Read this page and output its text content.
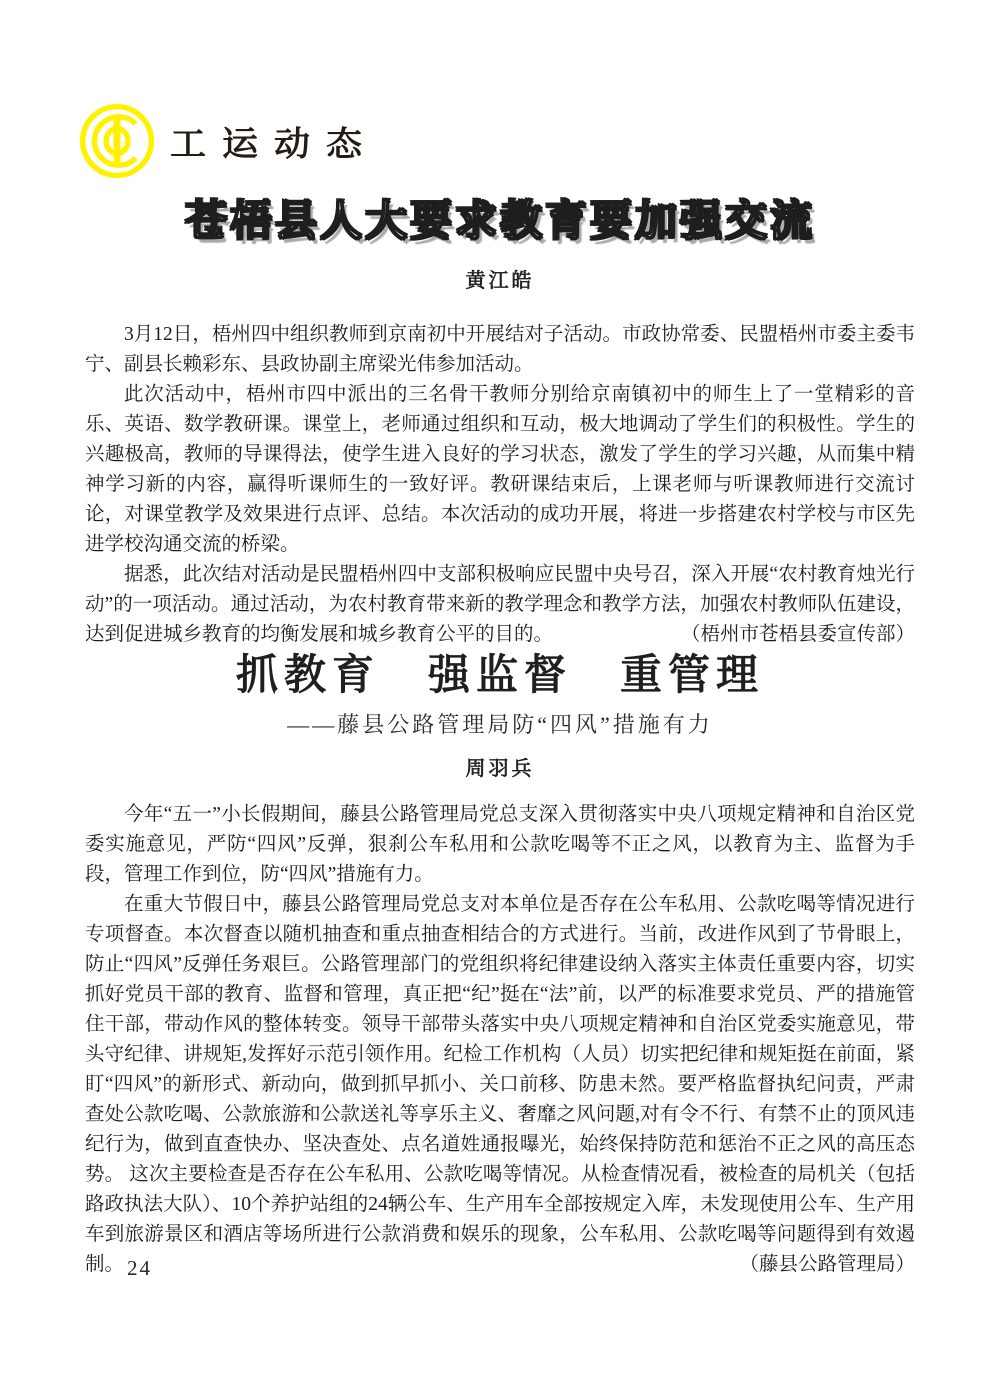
工运动态
苍梧县人大要求教育要加强交流
黄江皓

3月12日，梧州四中组织教师到京南初中开展结对子活动。市政协常委、民盟梧州市委主委韦宁、副县长赖彩东、县政协副主席梁光伟参加活动。

此次活动中，梧州市四中派出的三名骨干教师分别给京南镇初中的师生上了一堂精彩的音乐、英语、数学教研课。课堂上，老师通过组织和互动，极大地调动了学生们的积极性。学生的兴趣极高，教师的导课得法，使学生进入良好的学习状态，激发了学生的学习兴趣，从而集中精神学习新的内容，赢得听课师生的一致好评。教研课结束后，上课老师与听课教师进行交流讨论，对课堂教学及效果进行点评、总结。本次活动的成功开展，将进一步搭建农村学校与市区先进学校沟通交流的桥梁。

据悉，此次结对活动是民盟梧州四中支部积极响应民盟中央号召，深入开展“农村教育烛光行动”的一项活动。通过活动，为农村教育带来新的教学理念和教学方法，加强农村教师队伍建设，达到促进城乡教育的均衡发展和城乡教育公平的目的。	（梧州市苍梧县委宣传部）

抓教育　强监督　重管理
——藤县公路管理局防“四风”措施有力
周羽兵

今年“五一”小长假期间，藤县公路管理局党总支深入贯彻落实中央八项规定精神和自治区党委实施意见，严防“四风”反弹，狠刹公车私用和公款吃喝等不正之风，以教育为主、监督为手段，管理工作到位，防“四风”措施有力。

在重大节假日中，藤县公路管理局党总支对本单位是否存在公车私用、公款吃喝等情况进行专项督查。本次督查以随机抽查和重点抽查相结合的方式进行。当前，改进作风到了节骨眼上，防止“四风”反弹任务艰巨。公路管理部门的党组织将纪律建设纳入落实主体责任重要内容，切实抓好党员干部的教育、监督和管理，真正把“纪”挺在“法”前，以严的标准要求党员、严的措施管住干部，带动作风的整体转变。领导干部带头落实中央八项规定精神和自治区党委实施意见，带头守纪律、讲规矩,发挥好示范引领作用。纪检工作机构（人员）切实把纪律和规矩挺在前面，紧盯“四风”的新形式、新动向，做到抓早抓小、关口前移、防患未然。要严格监督执纪问责，严肃查处公款吃喝、公款旅游和公款送礼等享乐主义、奢靡之风问题,对有令不行、有禁不止的顶风违纪行为，做到直查快办、坚决查处、点名道姓通报曝光，始终保持防范和惩治不正之风的高压态势。 这次主要检查是否存在公车私用、公款吃喝等情况。从检查情况看，被检查的局机关（包括路政执法大队）、10个养护站组的24辆公车、生产用车全部按规定入库，未发现使用公车、生产用车到旅游景区和酒店等场所进行公款消费和娱乐的现象，公车私用、公款吃喝等问题得到有效遏制。	（藤县公路管理局）

24
